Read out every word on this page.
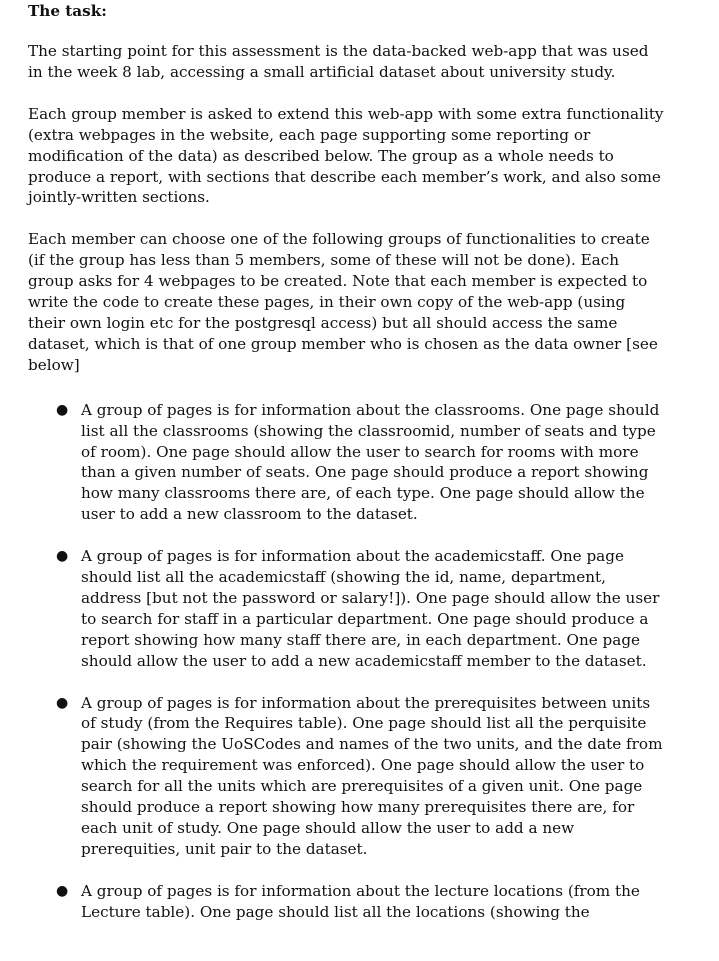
The task:

The starting point for this assessment is the data-backed web-app that was used in the week 8 lab, accessing a small artificial dataset about university study.

Each group member is asked to extend this web-app with some extra functionality (extra webpages in the website, each page supporting some reporting or modification of the data) as described below. The group as a whole needs to produce a report, with sections that describe each member’s work, and also some jointly-written sections.

Each member can choose one of the following groups of functionalities to create (if the group has less than 5 members, some of these will not be done). Each group asks for 4 webpages to be created. Note that each member is expected to write the code to create these pages, in their own copy of the web-app (using their own login etc for the postgresql access) but all should access the same dataset, which is that of one group member who is chosen as the data owner [see below]

● A group of pages is for information about the classrooms. One page should list all the classrooms (showing the classroomid, number of seats and type of room). One page should allow the user to search for rooms with more than a given number of seats. One page should produce a report showing how many classrooms there are, of each type. One page should allow the user to add a new classroom to the dataset.
● A group of pages is for information about the academicstaff. One page should list all the academicstaff (showing the id, name, department, address [but not the password or salary!]). One page should allow the user to search for staff in a particular department. One page should produce a report showing how many staff there are, in each department. One page should allow the user to add a new academicstaff member to the dataset.
● A group of pages is for information about the prerequisites between units of study (from the Requires table). One page should list all the perquisite pair (showing the UoSCodes and names of the two units, and the date from which the requirement was enforced). One page should allow the user to search for all the units which are prerequisites of a given unit. One page should produce a report showing how many prerequisites there are, for each unit of study. One page should allow the user to add a new prerequities, unit pair to the dataset.
● A group of pages is for information about the lecture locations (from the Lecture table). One page should list all the locations (showing the
